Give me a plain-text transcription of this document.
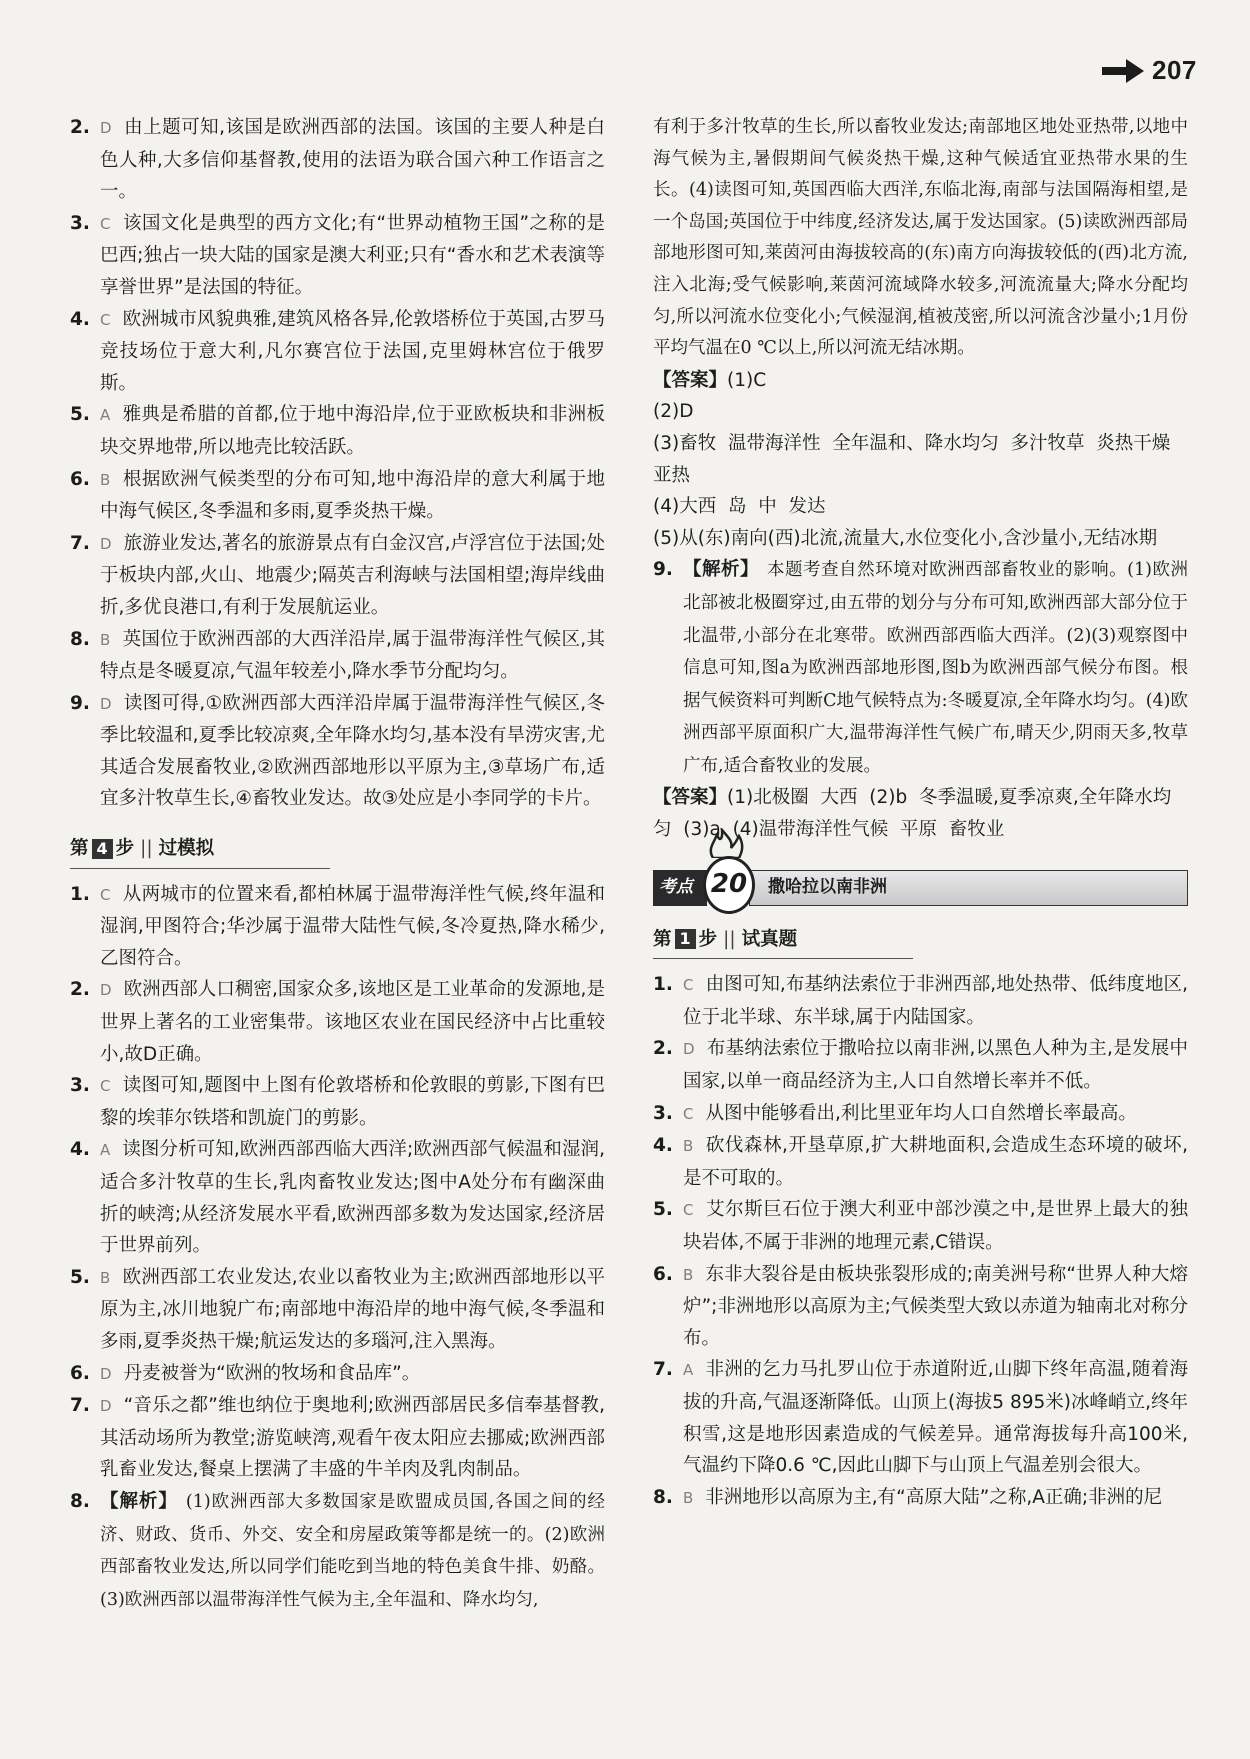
207
2. D 由上题可知,该国是欧洲西部的法国。该国的主要人种是白色人种,大多信仰基督教,使用的法语为联合国六种工作语言之一。
3. C 该国文化是典型的西方文化;有“世界动植物王国”之称的是巴西;独占一块大陆的国家是澳大利亚;只有“香水和艺术表演等享誉世界”是法国的特征。
4. C 欧洲城市风貌典雅,建筑风格各异,伦敦塔桥位于英国,古罗马竞技场位于意大利,凡尔赛宫位于法国,克里姆林宫位于俄罗斯。
5. A 雅典是希腊的首都,位于地中海沿岸,位于亚欧板块和非洲板块交界地带,所以地壳比较活跃。
6. B 根据欧洲气候类型的分布可知,地中海沿岸的意大利属于地中海气候区,冬季温和多雨,夏季炎热干燥。
7. D 旅游业发达,著名的旅游景点有白金汉宫,卢浮宫位于法国;处于板块内部,火山、地震少;隔英吉利海峡与法国相望;海岸线曲折,多优良港口,有利于发展航运业。
8. B 英国位于欧洲西部的大西洋沿岸,属于温带海洋性气候区,其特点是冬暖夏凉,气温年较差小,降水季节分配均匀。
9. D 读图可得,①欧洲西部大西洋沿岸属于温带海洋性气候区,冬季比较温和,夏季比较凉爽,全年降水均匀,基本没有旱涝灾害,尤其适合发展畜牧业,②欧洲西部地形以平原为主,③草场广布,适宜多汁牧草生长,④畜牧业发达。故③处应是小李同学的卡片。
第 4 步 || 过模拟
1. C 从两城市的位置来看,都柏林属于温带海洋性气候,终年温和湿润,甲图符合;华沙属于温带大陆性气候,冬冷夏热,降水稀少,乙图符合。
2. D 欧洲西部人口稠密,国家众多,该地区是工业革命的发源地,是世界上著名的工业密集带。该地区农业在国民经济中占比重较小,故D正确。
3. C 读图可知,题图中上图有伦敦塔桥和伦敦眼的剪影,下图有巴黎的埃菲尔铁塔和凯旋门的剪影。
4. A 读图分析可知,欧洲西部西临大西洋;欧洲西部气候温和湿润,适合多汁牧草的生长,乳肉畜牧业发达;图中A处分布有幽深曲折的峡湾;从经济发展水平看,欧洲西部多数为发达国家,经济居于世界前列。
5. B 欧洲西部工农业发达,农业以畜牧业为主;欧洲西部地形以平原为主,冰川地貌广布;南部地中海沿岸的地中海气候,冬季温和多雨,夏季炎热干燥;航运发达的多瑙河,注入黑海。
6. D 丹麦被誉为“欧洲的牧场和食品库”。
7. D “音乐之都”维也纳位于奥地利;欧洲西部居民多信奉基督教,其活动场所为教堂;游览峡湾,观看午夜太阳应去挪威;欧洲西部乳畜业发达,餐桌上摆满了丰盛的牛羊肉及乳肉制品。
8. 【解析】 (1)欧洲西部大多数国家是欧盟成员国,各国之间的经济、财政、货币、外交、安全和房屋政策等都是统一的。(2)欧洲西部畜牧业发达,所以同学们能吃到当地的特色美食牛排、奶酪。(3)欧洲西部以温带海洋性气候为主,全年温和、降水均匀,
有利于多汁牧草的生长,所以畜牧业发达;南部地区地处亚热带,以地中海气候为主,暑假期间气候炎热干燥,这种气候适宜亚热带水果的生长。(4)读图可知,英国西临大西洋,东临北海,南部与法国隔海相望,是一个岛国;英国位于中纬度,经济发达,属于发达国家。(5)读欧洲西部局部地形图可知,莱茵河由海拔较高的(东)南方向海拔较低的(西)北方流,注入北海;受气候影响,莱茵河流域降水较多,河流流量大;降水分配均匀,所以河流水位变化小;气候湿润,植被茂密,所以河流含沙量小;1月份平均气温在0 ℃以上,所以河流无结冰期。
【答案】(1)C
(2)D
(3)畜牧  温带海洋性  全年温和、降水均匀  多汁牧草  炎热干燥  亚热
(4)大西  岛  中  发达
(5)从(东)南向(西)北流,流量大,水位变化小,含沙量小,无结冰期
9. 【解析】 本题考查自然环境对欧洲西部畜牧业的影响。(1)欧洲北部被北极圈穿过,由五带的划分与分布可知,欧洲西部大部分位于北温带,小部分在北寒带。欧洲西部西临大西洋。(2)(3)观察图中信息可知,图a为欧洲西部地形图,图b为欧洲西部气候分布图。根据气候资料可判断C地气候特点为:冬暖夏凉,全年降水均匀。(4)欧洲西部平原面积广大,温带海洋性气候广布,晴天少,阴雨天多,牧草广布,适合畜牧业的发展。
【答案】(1)北极圈  大西  (2)b  冬季温暖,夏季凉爽,全年降水均匀  (3)a  (4)温带海洋性气候  平原  畜牧业
考点 20	撒哈拉以南非洲
第 1 步 || 试真题
1. C 由图可知,布基纳法索位于非洲西部,地处热带、低纬度地区,位于北半球、东半球,属于内陆国家。
2. D 布基纳法索位于撒哈拉以南非洲,以黑色人种为主,是发展中国家,以单一商品经济为主,人口自然增长率并不低。
3. C 从图中能够看出,利比里亚年均人口自然增长率最高。
4. B 砍伐森林,开垦草原,扩大耕地面积,会造成生态环境的破坏,是不可取的。
5. C 艾尔斯巨石位于澳大利亚中部沙漠之中,是世界上最大的独块岩体,不属于非洲的地理元素,C错误。
6. B 东非大裂谷是由板块张裂形成的;南美洲号称“世界人种大熔炉”;非洲地形以高原为主;气候类型大致以赤道为轴南北对称分布。
7. A 非洲的乞力马扎罗山位于赤道附近,山脚下终年高温,随着海拔的升高,气温逐渐降低。山顶上(海拔5 895米)冰峰峭立,终年积雪,这是地形因素造成的气候差异。通常海拔每升高100米,气温约下降0.6 ℃,因此山脚下与山顶上气温差别会很大。
8. B 非洲地形以高原为主,有“高原大陆”之称,A正确;非洲的尼
